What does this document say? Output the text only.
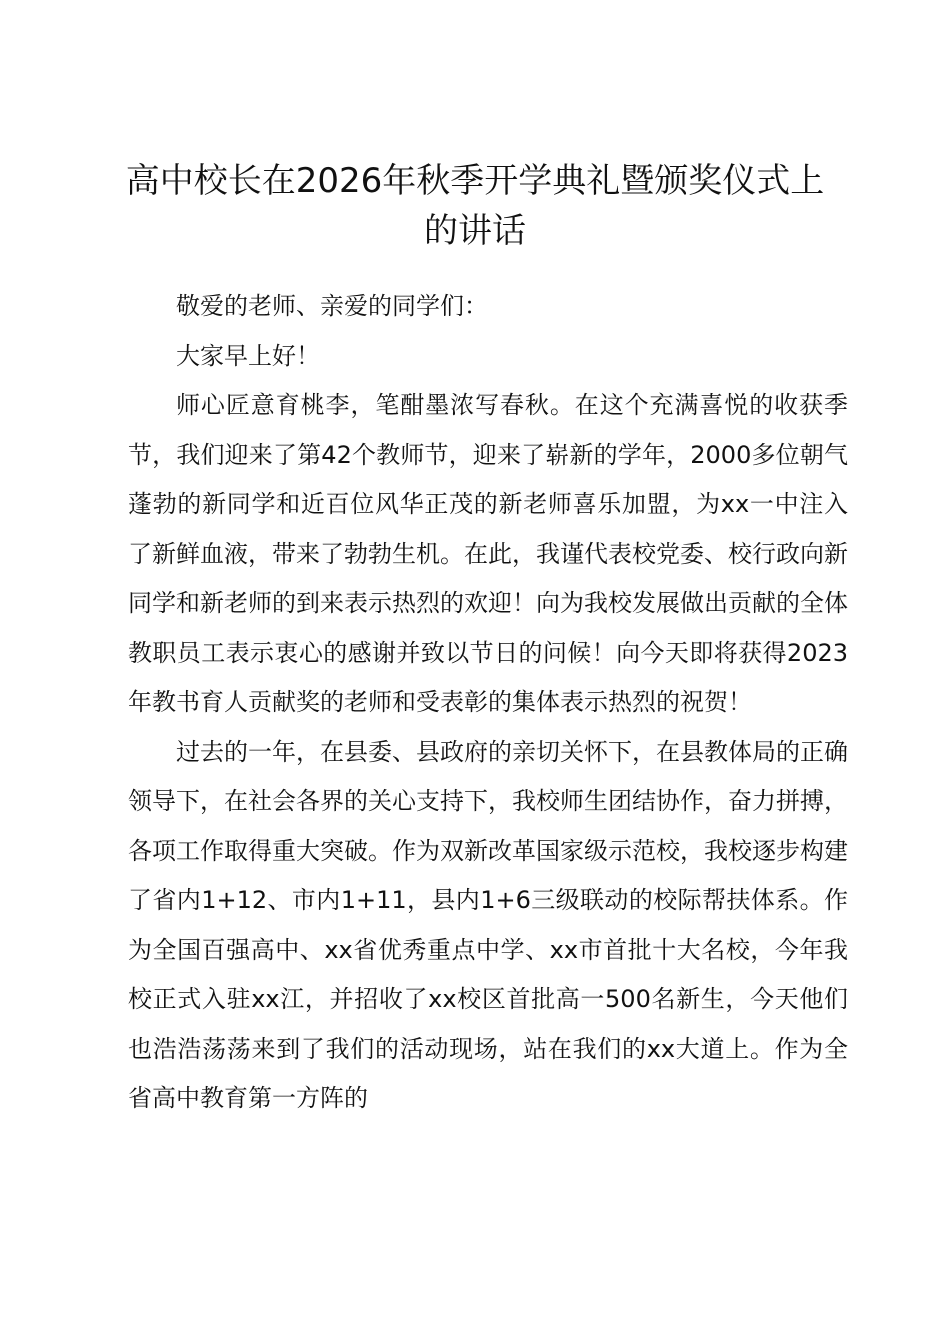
高中校长在2026年秋季开学典礼暨颁奖仪式上的讲话

敬爱的老师、亲爱的同学们：

大家早上好！

师心匠意育桃李，笔酣墨浓写春秋。在这个充满喜悦的收获季节，我们迎来了第42个教师节，迎来了崭新的学年，2000多位朝气蓬勃的新同学和近百位风华正茂的新老师喜乐加盟，为xx一中注入了新鲜血液，带来了勃勃生机。在此，我谨代表校党委、校行政向新同学和新老师的到来表示热烈的欢迎！向为我校发展做出贡献的全体教职员工表示衷心的感谢并致以节日的问候！向今天即将获得2023年教书育人贡献奖的老师和受表彰的集体表示热烈的祝贺！

过去的一年，在县委、县政府的亲切关怀下，在县教体局的正确领导下，在社会各界的关心支持下，我校师生团结协作，奋力拼搏，各项工作取得重大突破。作为双新改革国家级示范校，我校逐步构建了省内1+12、市内1+11，县内1+6三级联动的校际帮扶体系。作为全国百强高中、xx省优秀重点中学、xx市首批十大名校，今年我校正式入驻xx江，并招收了xx校区首批高一500名新生，今天他们也浩浩荡荡来到了我们的活动现场，站在我们的xx大道上。作为全省高中教育第一方阵的
